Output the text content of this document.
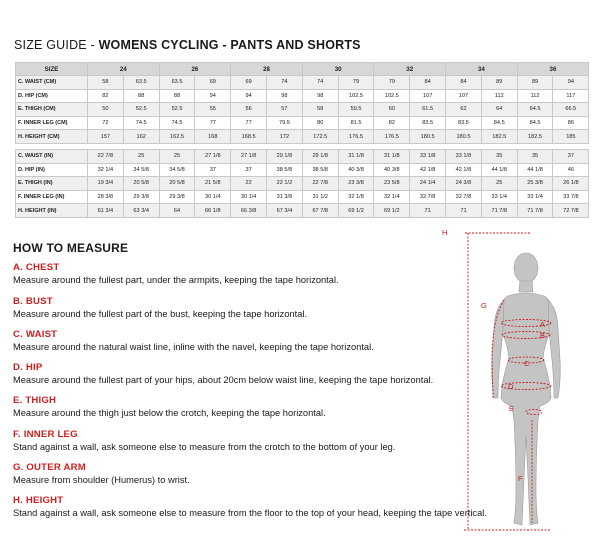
SIZE GUIDE - WOMENS CYCLING - PANTS AND SHORTS
SIZE	24		26		28		30		32		34		36	
C. WAIST (CM)	58	63.5	63.5	69	69	74	74	79	79	84	84	89	89	94
D. HIP (CM)	82	88	88	94	94	98	98	102.5	102.5	107	107	112	112	117
E. THIGH (CM)	50	52.5	52.5	55	56	57	58	59.5	60	61.5	62	64	64.5	66.5
F. INNER LEG (CM)	72	74.5	74.5	77	77	79.5	80	81.5	82	83.5	83.5	84.5	84.5	86
H. HEIGHT (CM)	157	162	162.5	168	168.5	172	172.5	176.5	176.5	180.5	180.5	182.5	182.5	185

C. WAIST (IN)	22 7/8	25	25	27 1/8	27 1/8	29 1/8	29 1/8	31 1/8	31 1/8	33 1/8	33 1/8	35	35	37
D. HIP (IN)	32 1/4	34 5/8	34 5/8	37	37	38 5/8	38 5/8	40 3/8	40 3/8	42 1/8	42 1/8	44 1/8	44 1/8	46
E. THIGH (IN)	19 3/4	20 5/8	20 5/8	21 5/8	22	22 1/2	22 7/8	23 3/8	23 5/8	24 1/4	24 3/8	25	25 3/8	26 1/8
F. INNER LEG (IN)	28 3/8	29 3/8	29 3/8	30 1/4	30 1/4	31 3/8	31 1/2	32 1/8	32 1/4	32 7/8	32 7/8	33 1/4	33 1/4	33 7/8
H. HEIGHT (IN)	61 3/4	63 3/4	64	66 1/8	66 3/8	67 3/4	67 7/8	69 1/2	69 1/2	71	71	71 7/8	71 7/8	72 7/8
HOW TO MEASURE
A. CHEST
Measure around the fullest part, under the armpits, keeping the tape horizontal.
B. BUST
Measure around the fullest part of the bust, keeping the tape horizontal.
C. WAIST
Measure around the natural waist line, inline with the navel, keeping the tape horizontal.
D. HIP
Measure around the fullest part of your hips, about 20cm below waist line, keeping the tape horizontal.
E. THIGH
Measure around the thigh just below the crotch, keeping the tape horizontal.
F. INNER LEG
Stand against a wall, ask someone else to measure from the crotch to the bottom of your leg.
G. OUTER ARM
Measure from shoulder (Humerus) to wrist.
H. HEIGHT
Stand against a wall, ask someone else to measure from the floor to the top of your head, keeping the tape vertical.
H
G
A
B
C
D
E
F
